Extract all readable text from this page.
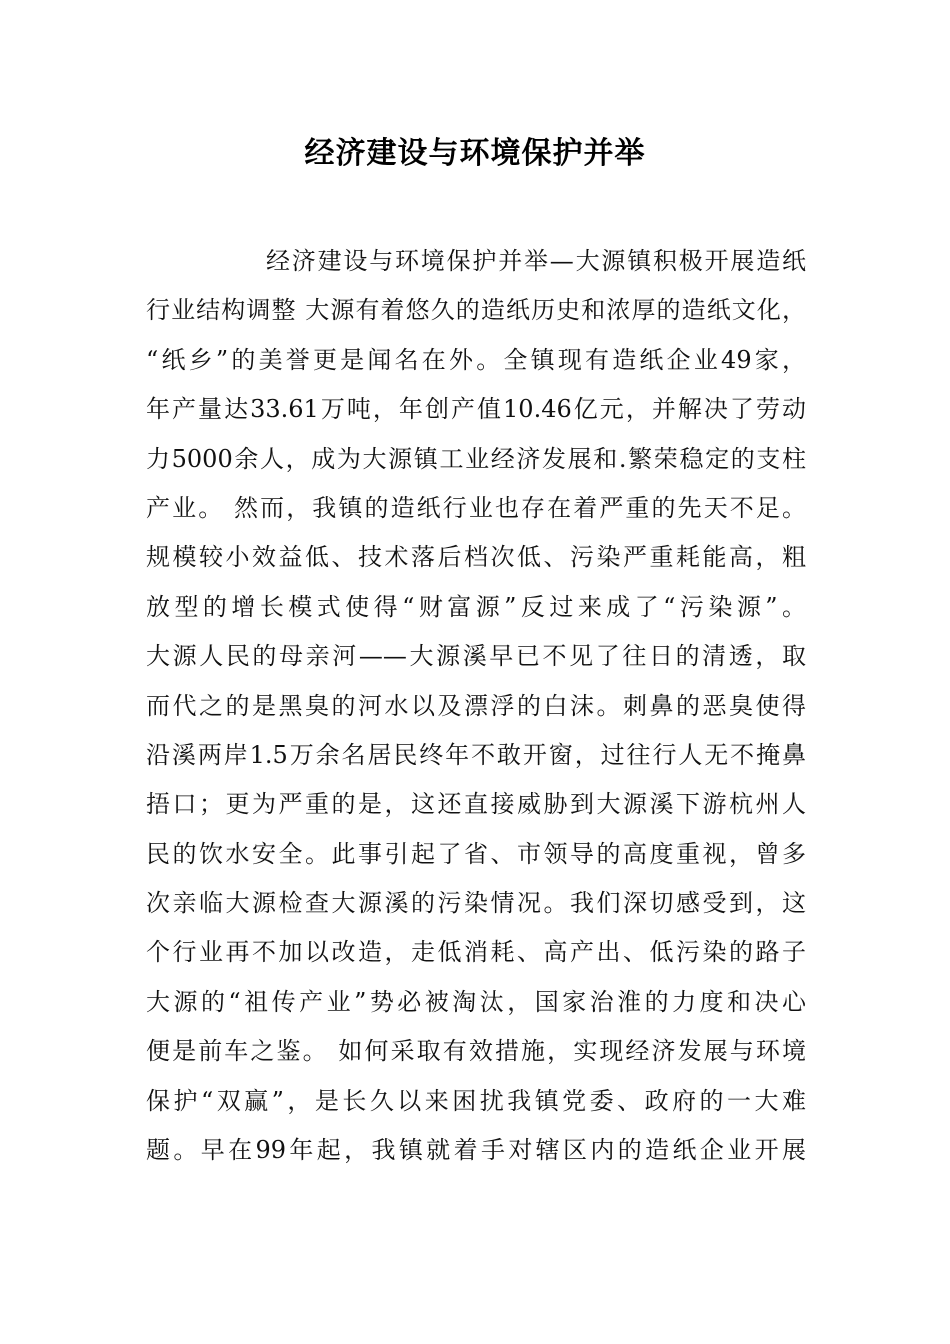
经济建设与环境保护并举
经济建设与环境保护并举—大源镇积极开展造纸
行业结构调整 大源有着悠久的造纸历史和浓厚的造纸文化，
“纸乡”的美誉更是闻名在外。全镇现有造纸企业49家，
年产量达33.61万吨，年创产值10.46亿元，并解决了劳动
力5000余人，成为大源镇工业经济发展和.繁荣稳定的支柱
产业。 然而，我镇的造纸行业也存在着严重的先天不足。
规模较小效益低、技术落后档次低、污染严重耗能高，粗
放型的增长模式使得“财富源”反过来成了“污染源”。
大源人民的母亲河——大源溪早已不见了往日的清透，取
而代之的是黑臭的河水以及漂浮的白沫。刺鼻的恶臭使得
沿溪两岸1.5万余名居民终年不敢开窗，过往行人无不掩鼻
捂口；更为严重的是，这还直接威胁到大源溪下游杭州人
民的饮水安全。此事引起了省、市领导的高度重视，曾多
次亲临大源检查大源溪的污染情况。我们深切感受到，这
个行业再不加以改造，走低消耗、高产出、低污染的路子
大源的“祖传产业”势必被淘汰，国家治淮的力度和决心
便是前车之鉴。 如何采取有效措施，实现经济发展与环境
保护“双赢”，是长久以来困扰我镇党委、政府的一大难
题。早在99年起，我镇就着手对辖区内的造纸企业开展
